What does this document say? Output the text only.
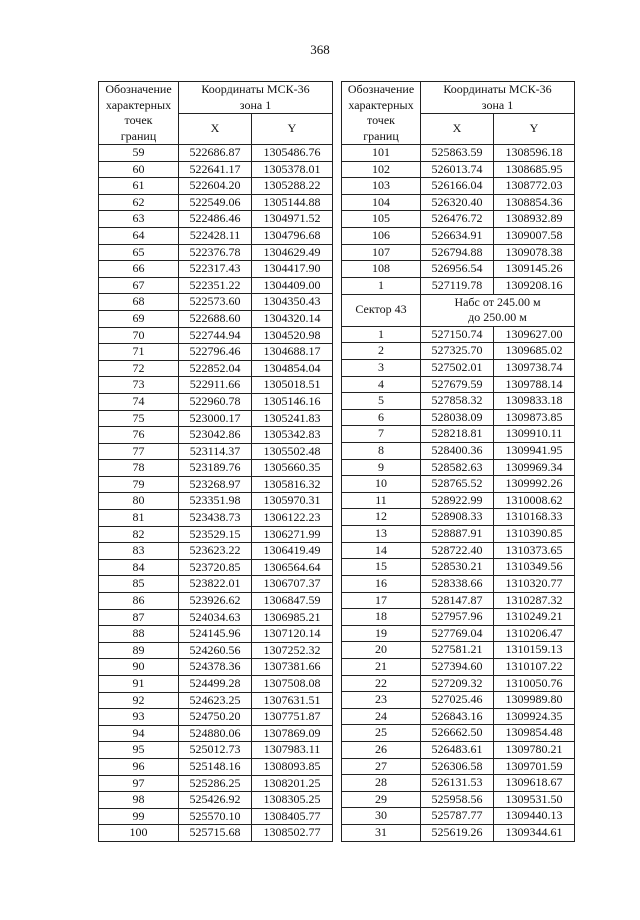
368
Обозначение
характерных
точек
границ	Координаты МСК-36
зона 1	
	X	Y
59	522686.87	1305486.76
60	522641.17	1305378.01
61	522604.20	1305288.22
62	522549.06	1305144.88
63	522486.46	1304971.52
64	522428.11	1304796.68
65	522376.78	1304629.49
66	522317.43	1304417.90
67	522351.22	1304409.00
68	522573.60	1304350.43
69	522688.60	1304320.14
70	522744.94	1304520.98
71	522796.46	1304688.17
72	522852.04	1304854.04
73	522911.66	1305018.51
74	522960.78	1305146.16
75	523000.17	1305241.83
76	523042.86	1305342.83
77	523114.37	1305502.48
78	523189.76	1305660.35
79	523268.97	1305816.32
80	523351.98	1305970.31
81	523438.73	1306122.23
82	523529.15	1306271.99
83	523623.22	1306419.49
84	523720.85	1306564.64
85	523822.01	1306707.37
86	523926.62	1306847.59
87	524034.63	1306985.21
88	524145.96	1307120.14
89	524260.56	1307252.32
90	524378.36	1307381.66
91	524499.28	1307508.08
92	524623.25	1307631.51
93	524750.20	1307751.87
94	524880.06	1307869.09
95	525012.73	1307983.11
96	525148.16	1308093.85
97	525286.25	1308201.25
98	525426.92	1308305.25
99	525570.10	1308405.77
100	525715.68	1308502.77
Обозначение
характерных
точек
границ	Координаты МСК-36
зона 1	
	X	Y
101	525863.59	1308596.18
102	526013.74	1308685.95
103	526166.04	1308772.03
104	526320.40	1308854.36
105	526476.72	1308932.89
106	526634.91	1309007.58
107	526794.88	1309078.38
108	526956.54	1309145.26
1	527119.78	1309208.16
Сектор 43	Набс от 245.00 м
до 250.00 м	
1	527150.74	1309627.00
2	527325.70	1309685.02
3	527502.01	1309738.74
4	527679.59	1309788.14
5	527858.32	1309833.18
6	528038.09	1309873.85
7	528218.81	1309910.11
8	528400.36	1309941.95
9	528582.63	1309969.34
10	528765.52	1309992.26
11	528922.99	1310008.62
12	528908.33	1310168.33
13	528887.91	1310390.85
14	528722.40	1310373.65
15	528530.21	1310349.56
16	528338.66	1310320.77
17	528147.87	1310287.32
18	527957.96	1310249.21
19	527769.04	1310206.47
20	527581.21	1310159.13
21	527394.60	1310107.22
22	527209.32	1310050.76
23	527025.46	1309989.80
24	526843.16	1309924.35
25	526662.50	1309854.48
26	526483.61	1309780.21
27	526306.58	1309701.59
28	526131.53	1309618.67
29	525958.56	1309531.50
30	525787.77	1309440.13
31	525619.26	1309344.61
